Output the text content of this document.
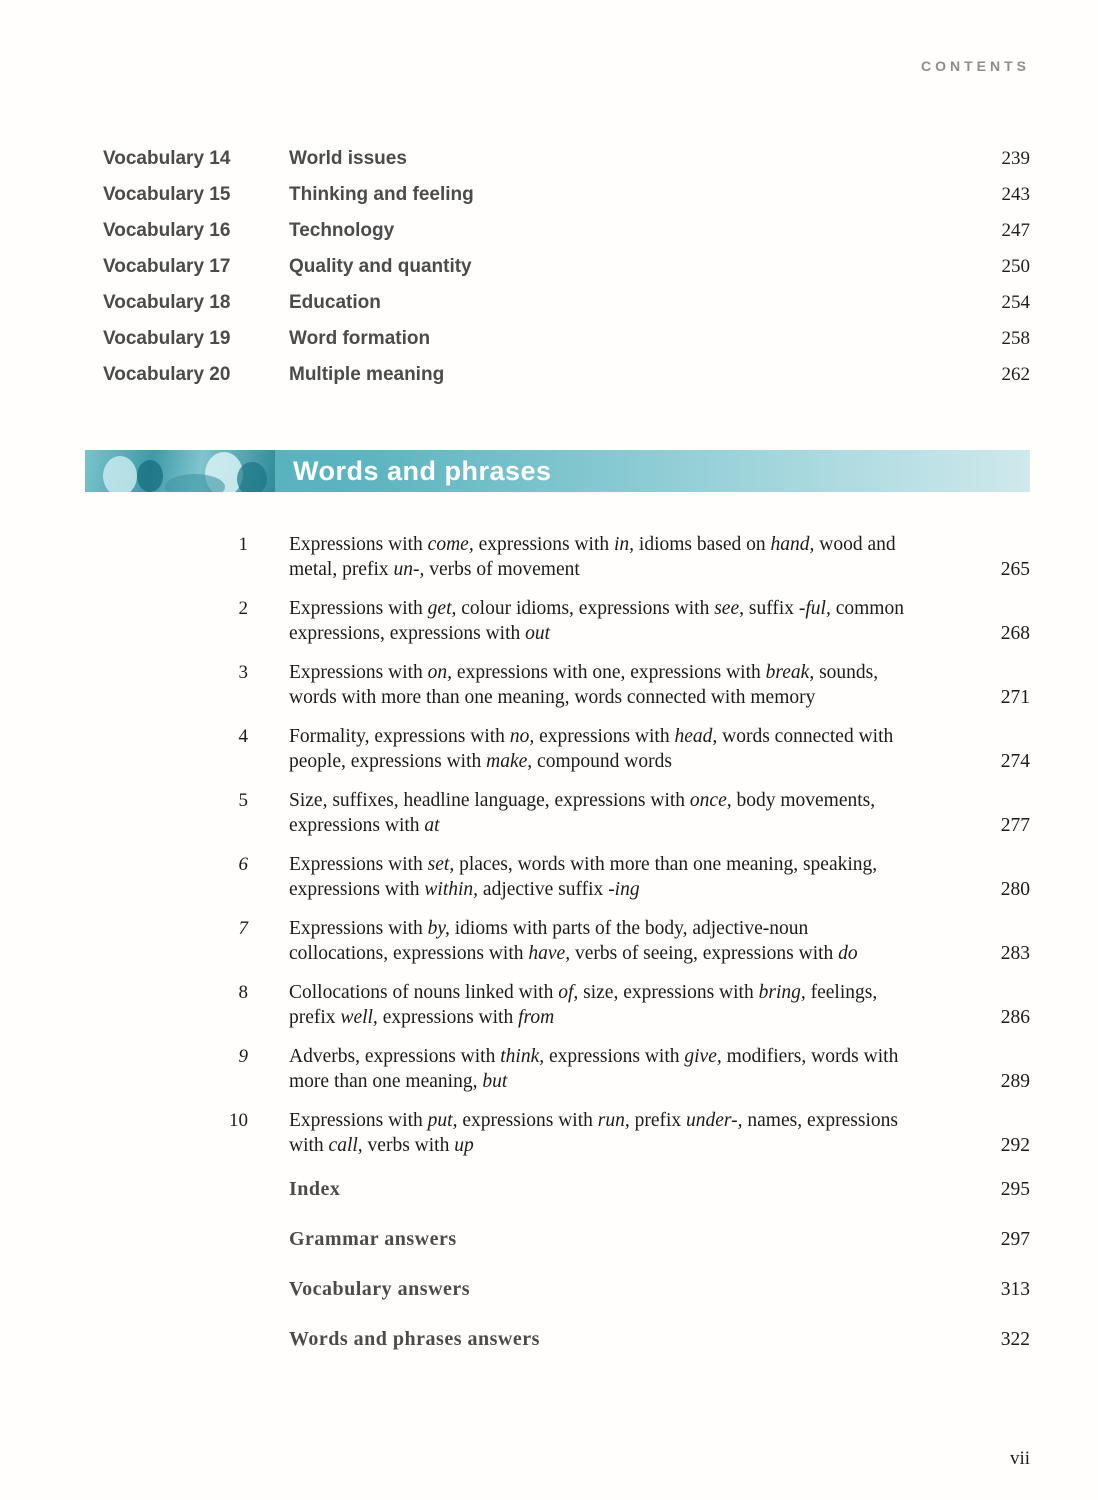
CONTENTS
Vocabulary 14	World issues	239
Vocabulary 15	Thinking and feeling	243
Vocabulary 16	Technology	247
Vocabulary 17	Quality and quantity	250
Vocabulary 18	Education	254
Vocabulary 19	Word formation	258
Vocabulary 20	Multiple meaning	262
Words and phrases
1 Expressions with come, expressions with in, idioms based on hand, wood and metal, prefix un-, verbs of movement	265
2 Expressions with get, colour idioms, expressions with see, suffix -ful, common expressions, expressions with out	268
3 Expressions with on, expressions with one, expressions with break, sounds, words with more than one meaning, words connected with memory	271
4 Formality, expressions with no, expressions with head, words connected with people, expressions with make, compound words	274
5 Size, suffixes, headline language, expressions with once, body movements, expressions with at	277
6 Expressions with set, places, words with more than one meaning, speaking, expressions with within, adjective suffix -ing	280
7 Expressions with by, idioms with parts of the body, adjective-noun collocations, expressions with have, verbs of seeing, expressions with do	283
8 Collocations of nouns linked with of, size, expressions with bring, feelings, prefix well, expressions with from	286
9 Adverbs, expressions with think, expressions with give, modifiers, words with more than one meaning, but	289
10 Expressions with put, expressions with run, prefix under-, names, expressions with call, verbs with up	292
Index	295
Grammar answers	297
Vocabulary answers	313
Words and phrases answers	322
vii
